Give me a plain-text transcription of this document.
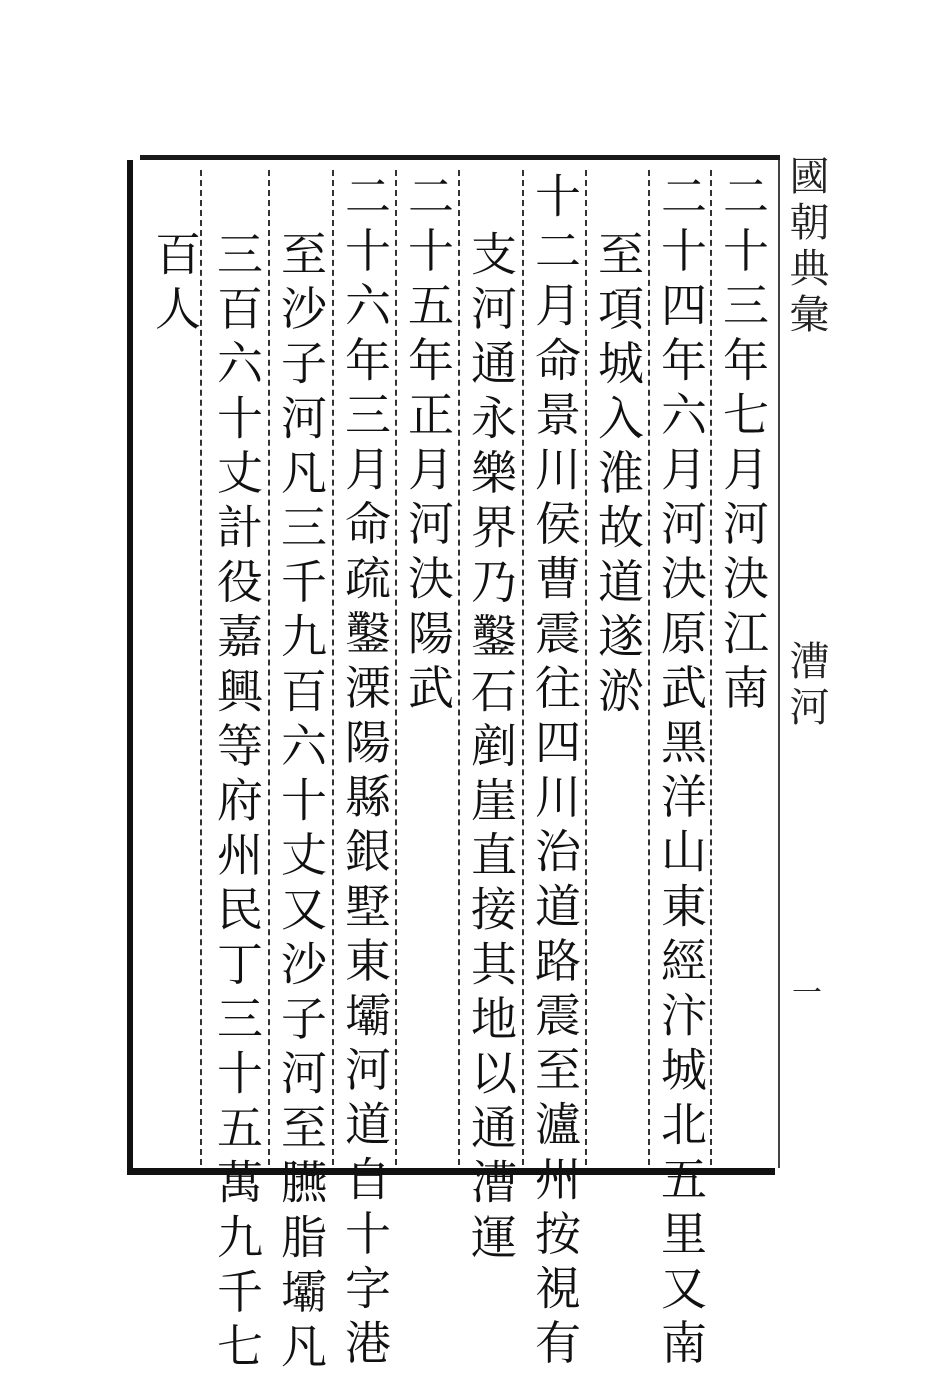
國朝典彙
漕河
一
二十三年七月河決江南
二十四年六月河決原武黑洋山東經汴城北五里又南
至項城入淮故道遂淤
十二月命景川侯曹震往四川治道路震至瀘州按視有
支河通永樂界乃鑿石剷崖直接其地以通漕運
二十五年正月河決陽武
二十六年三月命疏鑿溧陽縣銀墅東壩河道自十字港
至沙子河凡三千九百六十丈又沙子河至臙脂壩凡
三百六十丈計役嘉興等府州民丁三十五萬九千七
百人
